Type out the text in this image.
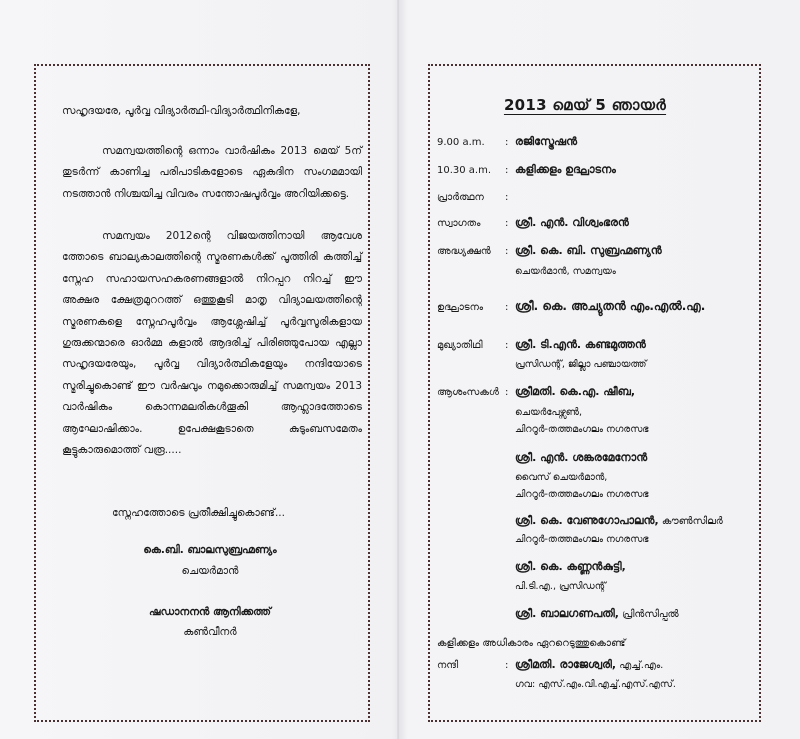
സഹൃദയരേ, പൂർവ്വ വിദ്യാർത്ഥി-വിദ്യാർത്ഥിനികളേ,
സമന്വയത്തിന്റെ ഒന്നാം വാർഷികം 2013 മെയ് 5ന് തുടർന്ന് കാണിച്ച പരിപാടികളോടെ ഏകദിന സംഗമമായി നടത്താൻ നിശ്ചയിച്ച വിവരം സന്തോഷപൂർവ്വം അറിയിക്കട്ടെ.
സമന്വയം 2012ന്റെ വിജയത്തിനായി ആവേശ ത്തോടെ ബാല്യകാലത്തിന്റെ സ്മരണകൾക്ക് പൂത്തിരി കത്തിച്ച് സ്നേഹ സഹായസഹകരണങ്ങളാൽ നിറപ്പറ നിറച്ച് ഈ അക്ഷര ക്ഷേത്രമുററത്ത് ഒത്തുകൂടി മാതൃ വിദ്യാലയത്തിന്റെ സ്മരണകളെ സ്നേഹപൂർവ്വം ആശ്ലേഷിച്ച് പൂർവ്വസൂരികളായ ഗുരുക്കന്മാരെ ഓർമ്മ കളാൽ ആദരിച്ച് പിരിഞ്ഞുപോയ എല്ലാ സഹൃദയരേയും, പൂർവ്വ വിദ്യാർത്ഥികളേയും നന്ദിയോടെ സ്മരിച്ചുകൊണ്ട് ഈ വർഷവും നമുക്കൊരുമിച്ച് സമന്വയം 2013 വാർഷികം	കൊന്നമലരികൾതൂകി ആഹ്ലാദത്തോടെ ആഘോഷിക്കാം.	ഉപേക്ഷകൂടാതെ കുടുംബസമേതം കൂട്ടുകാരുമൊത്ത് വരൂ.....
സ്നേഹത്തോടെ പ്രതീക്ഷിച്ചുകൊണ്ട്...
കെ.ബി. ബാലസുബ്രഹ്മണ്യം
ചെയർമാൻ
ഷഡാനനൻ ആനിക്കത്ത്
കൺവീനർ
2013 മെയ് 5 ഞായർ
9.00 a.m. : രജിസ്ട്രേഷൻ
10.30 a.m. : കളിക്കളം ഉദ്ഘാടനം
പ്രാർത്ഥന :
സ്വാഗതം : ശ്രീ. എൻ. വിശ്വംഭരൻ
അദ്ധ്യക്ഷൻ : ശ്രീ. കെ. ബി. സുബ്രഹ്മണ്യൻ
ചെയർമാൻ, സമന്വയം
ഉദ്ഘാടനം : ശ്രീ. കെ. അച്യുതൻ എം.എൽ.എ.
മുഖ്യാതിഥി : ശ്രീ. ടി.എൻ. കണ്ടമുത്തൻ
പ്രസിഡന്റ്, ജില്ലാ പഞ്ചായത്ത്
ആശംസകൾ : ശ്രീമതി. കെ.എ. ഷീബ,
ചെയർപേഴ്സൺ,
ചിററൂർ-തത്തമംഗലം നഗരസഭ
ശ്രീ. എൻ. ശങ്കരമേനോൻ
വൈസ് ചെയർമാൻ,
ചിററൂർ-തത്തമംഗലം നഗരസഭ
ശ്രീ. കെ. വേണുഗോപാലൻ, കൗൺസിലർ
ചിററൂർ-തത്തമംഗലം നഗരസഭ
ശ്രീ. കെ. കണ്ണൻകുട്ടി,
പി.ടി.എ., പ്രസിഡന്റ്
ശ്രീ. ബാലഗണപതി, പ്രിൻസിപ്പൽ
കളിക്കളം അധികാരം ഏററെടുത്തുകൊണ്ട്
നന്ദി	: ശ്രീമതി. രാജേശ്വരി, എച്ച്.എം.
ഗവ: എസ്.എം.വി.എച്ച്.എസ്.എസ്.
